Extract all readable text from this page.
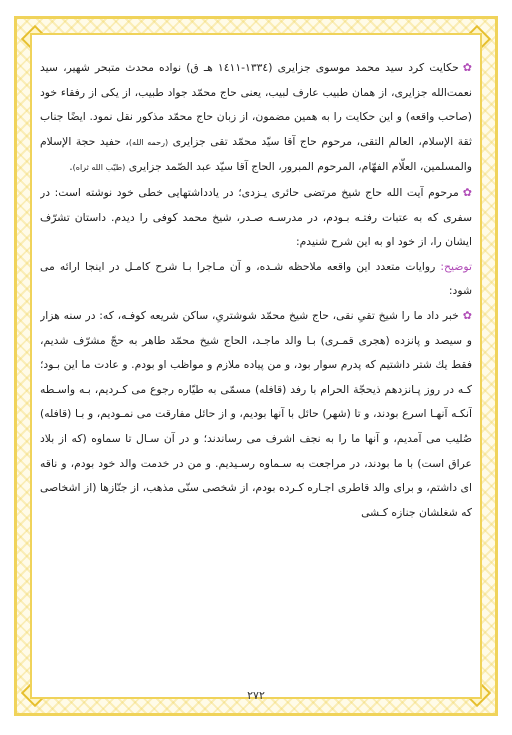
✿حکایت کرد سید محمد موسوی جزایری (۱۳۳٤-۱٤۱۱ هـ ق) نواده محدث متبحر شهیر، سید نعمت‌الله جزایری، از همان طبیب عارف لبیب، یعنی حاج محمّد جواد طبیب، از یکی از رفقاء خود (صاحب واقعه) و این حکایت را به همین مضمون، از زبان حاج محمّد مذکور نقل نمود. ایضًا جناب ثقة الإسلام، العالم التقی، مرحوم حاج آقا سیّد محمّد تقی جزایری (رحمه الله)، حفید حجة الإسلام والمسلمین، العلّام الفهّام، المرحوم المبرور، الحاج آقا سیّد عبد الصّمد جزایری (طیّب الله ثراه).

✿مرحوم آیت الله حاج شیخ مرتضی حائری یـزدی؛ در یادداشتهایی خطی خود نوشته است: در سفری که به عتبات رفتـه بـودم، در مدرسـه صـدر، شیخ محمد کوفی را دیدم. داستان تشرّف ایشان را، از خود او به این شرح شنیدم:

توضیح: روایات متعدد این واقعه ملاحظه شـده، و آن مـاجرا بـا شرح کامـل در اینجا ارائه می شود:

✿خبر داد ما را شیخ تقیِ نقی، حاج شیخ محمّد شوشتریِ، ساکن شریعه کوفـه، که: در سنه هزار و سیصد و پانزده (هجری قمـری) بـا والد ماجـد، الحاج شیخ محمّد طاهر به حجّ مشرّف شدیم، فقط یك شتر داشتیم که پدرم سوار بود، و من پیاده ملازم و مواظب او بودم. و عادت ما این بـود؛ کـه در روز پـانزدهم ذیحجّة الحرام با رفد (قافله) مسمّی به طیّاره رجوع می کـردیم، بـه واسـطه آنکـه آنهـا اسرع بودند، و تا (شهر) حائل با آنها بودیم، و از حائل مفارقت می نمـودیم، و بـا (قافله) صُلیب می آمدیم، و آنها ما را به نجف اشرف می رساندند؛ و در آن سـال تا سماوه (که از بلاد عراق است) با ما بودند، در مراجعت به سـماوه رسـیدیم. و من در خدمت والد خود بودم، و ناقه ای داشتم، و برای والد قاطری اجـاره کـرده بودم، از شخصی سنّی مذهب، از جنّازها (از اشخاصی که شغلشان جنازه کـشی

۲۷۲
